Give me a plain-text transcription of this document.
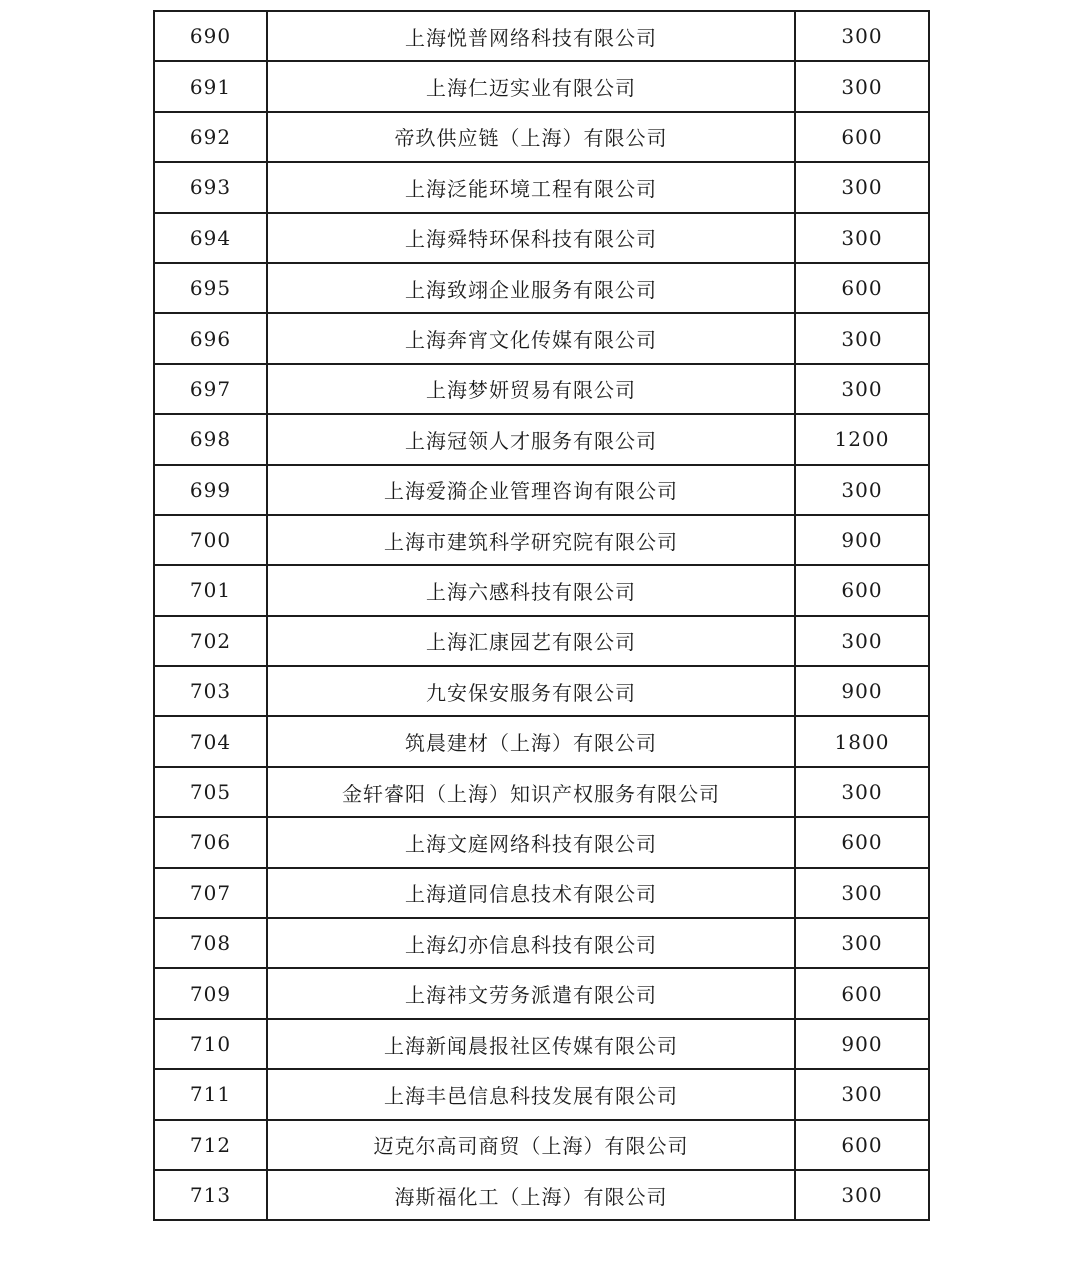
690	上海悦普网络科技有限公司	300
691	上海仁迈实业有限公司	300
692	帝玖供应链（上海）有限公司	600
693	上海泛能环境工程有限公司	300
694	上海舜特环保科技有限公司	300
695	上海致翊企业服务有限公司	600
696	上海奔宵文化传媒有限公司	300
697	上海梦妍贸易有限公司	300
698	上海冠领人才服务有限公司	1200
699	上海爱漪企业管理咨询有限公司	300
700	上海市建筑科学研究院有限公司	900
701	上海六感科技有限公司	600
702	上海汇康园艺有限公司	300
703	九安保安服务有限公司	900
704	筑晨建材（上海）有限公司	1800
705	金轩睿阳（上海）知识产权服务有限公司	300
706	上海文庭网络科技有限公司	600
707	上海道同信息技术有限公司	300
708	上海幻亦信息科技有限公司	300
709	上海祎文劳务派遣有限公司	600
710	上海新闻晨报社区传媒有限公司	900
711	上海丰邑信息科技发展有限公司	300
712	迈克尔高司商贸（上海）有限公司	600
713	海斯福化工（上海）有限公司	300
